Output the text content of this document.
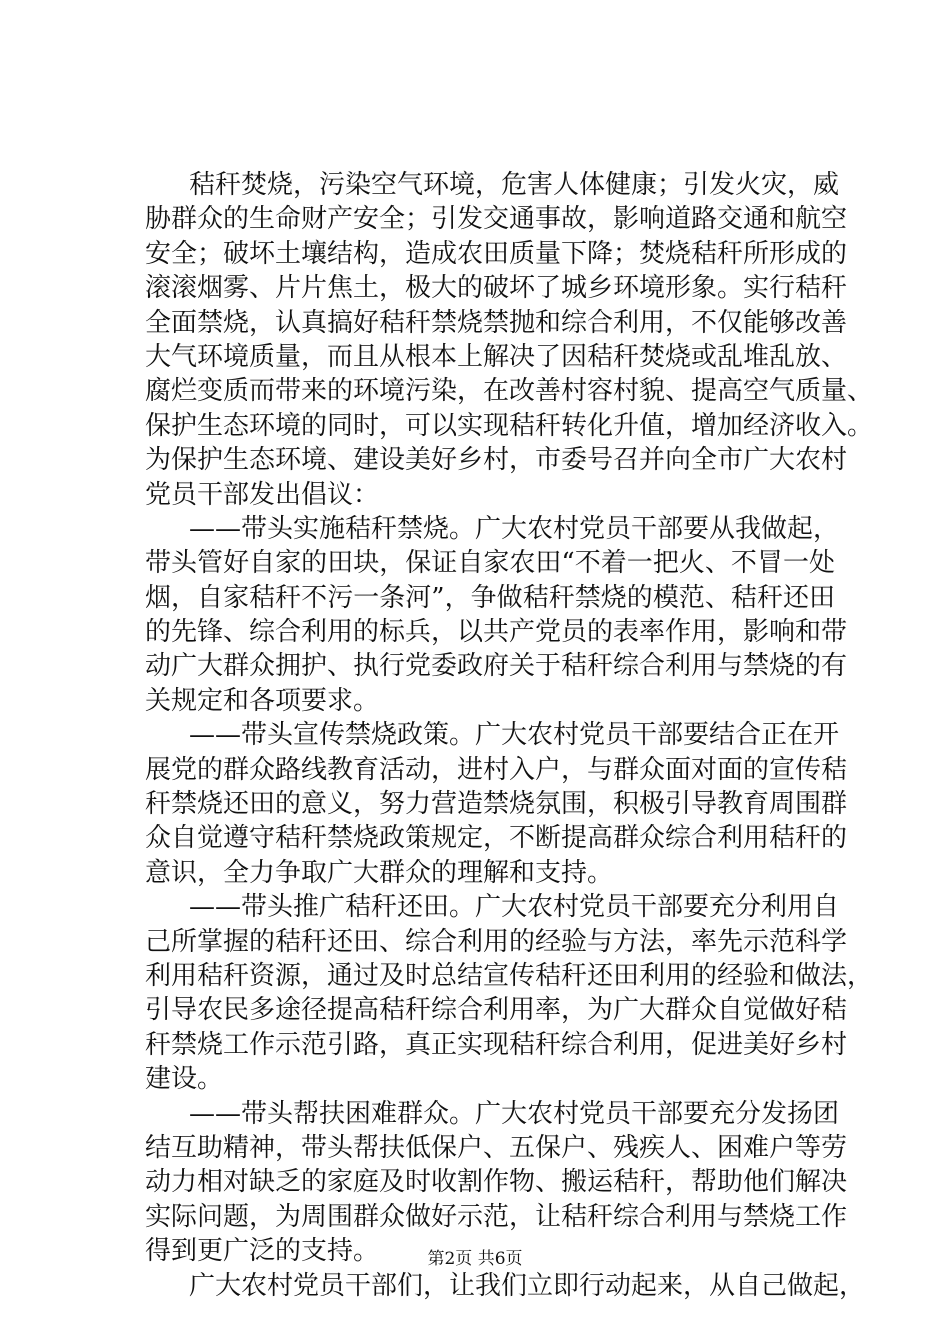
秸秆焚烧，污染空气环境，危害人体健康；引发火灾，威
胁群众的生命财产安全；引发交通事故，影响道路交通和航空
安全；破坏土壤结构，造成农田质量下降；焚烧秸秆所形成的
滚滚烟雾、片片焦土，极大的破坏了城乡环境形象。实行秸秆
全面禁烧，认真搞好秸秆禁烧禁抛和综合利用，不仅能够改善
大气环境质量，而且从根本上解决了因秸秆焚烧或乱堆乱放、
腐烂变质而带来的环境污染，在改善村容村貌、提高空气质量、
保护生态环境的同时，可以实现秸秆转化升值，增加经济收入。
为保护生态环境、建设美好乡村，市委号召并向全市广大农村
党员干部发出倡议：
——带头实施秸秆禁烧。广大农村党员干部要从我做起，
带头管好自家的田块，保证自家农田“不着一把火、不冒一处
烟，自家秸秆不污一条河”，争做秸秆禁烧的模范、秸秆还田
的先锋、综合利用的标兵，以共产党员的表率作用，影响和带
动广大群众拥护、执行党委政府关于秸秆综合利用与禁烧的有
关规定和各项要求。
——带头宣传禁烧政策。广大农村党员干部要结合正在开
展党的群众路线教育活动，进村入户，与群众面对面的宣传秸
秆禁烧还田的意义，努力营造禁烧氛围，积极引导教育周围群
众自觉遵守秸秆禁烧政策规定，不断提高群众综合利用秸秆的
意识，全力争取广大群众的理解和支持。
——带头推广秸秆还田。广大农村党员干部要充分利用自
己所掌握的秸秆还田、综合利用的经验与方法，率先示范科学
利用秸秆资源，通过及时总结宣传秸秆还田利用的经验和做法，
引导农民多途径提高秸秆综合利用率，为广大群众自觉做好秸
秆禁烧工作示范引路，真正实现秸秆综合利用，促进美好乡村
建设。
——带头帮扶困难群众。广大农村党员干部要充分发扬团
结互助精神，带头帮扶低保户、五保户、残疾人、困难户等劳
动力相对缺乏的家庭及时收割作物、搬运秸秆，帮助他们解决
实际问题，为周围群众做好示范，让秸秆综合利用与禁烧工作
得到更广泛的支持。
广大农村党员干部们，让我们立即行动起来，从自己做起，
第2页 共6页
